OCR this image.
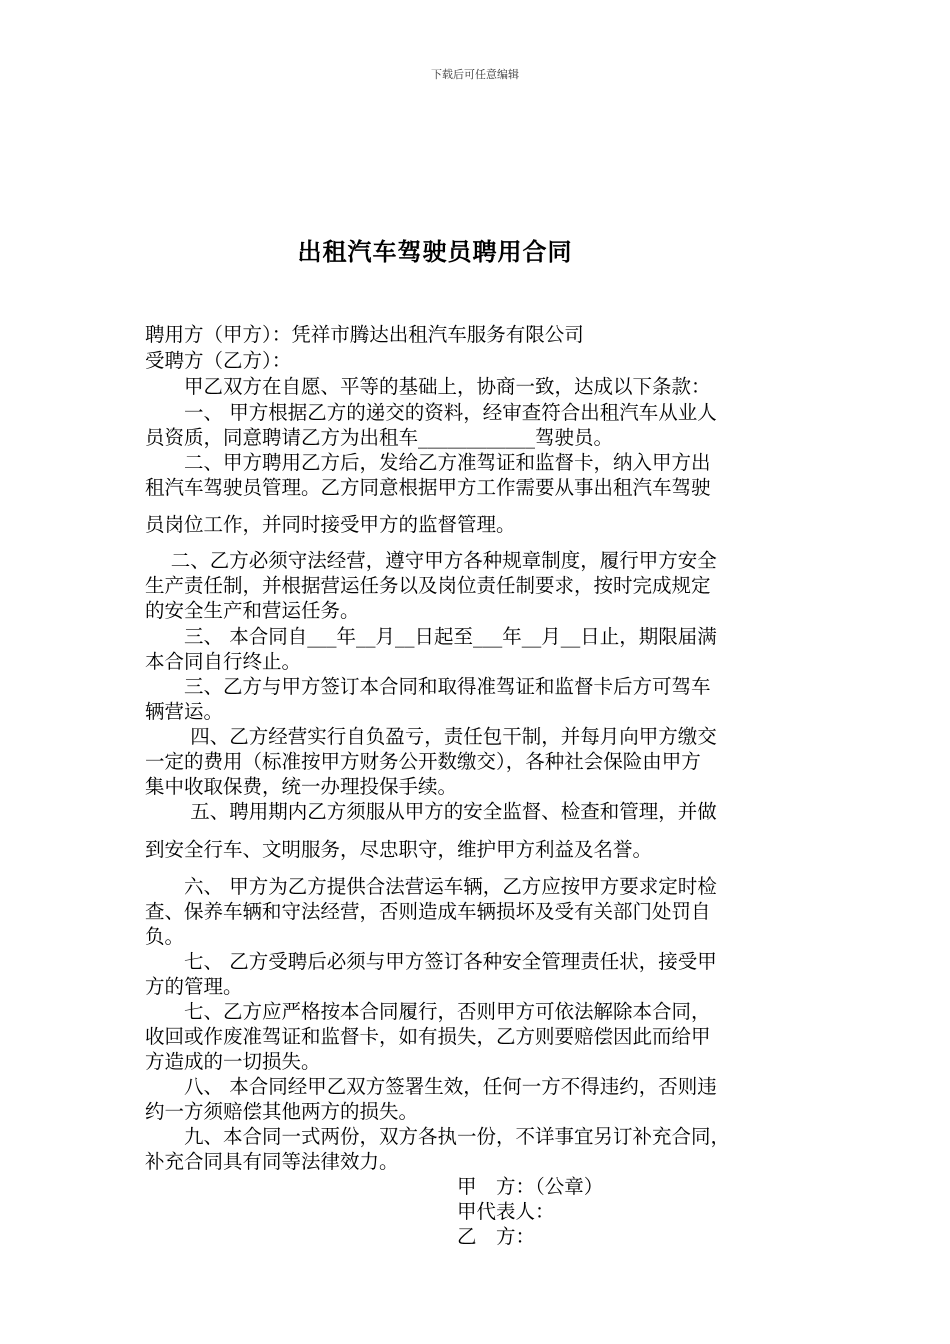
下载后可任意编辑
出租汽车驾驶员聘用合同
聘用方（甲方）：凭祥市腾达出租汽车服务有限公司
受聘方（乙方）：
　　甲乙双方在自愿、平等的基础上，协商一致，达成以下条款：
　　一、 甲方根据乙方的递交的资料，经审查符合出租汽车从业人
员资质，同意聘请乙方为出租车____________驾驶员。
　　二、甲方聘用乙方后，发给乙方准驾证和监督卡，纳入甲方出
租汽车驾驶员管理。乙方同意根据甲方工作需要从事出租汽车驾驶
员岗位工作，并同时接受甲方的监督管理。
　 二、乙方必须守法经营，遵守甲方各种规章制度，履行甲方安全
生产责任制，并根据营运任务以及岗位责任制要求，按时完成规定
的安全生产和营运任务。
　　三、 本合同自___年__月__日起至___年__月__日止，期限届满
本合同自行终止。
　　三、乙方与甲方签订本合同和取得准驾证和监督卡后方可驾车
辆营运。
　　 四、乙方经营实行自负盈亏，责任包干制，并每月向甲方缴交
一定的费用（标准按甲方财务公开数缴交），各种社会保险由甲方
集中收取保费，统一办理投保手续。
　　 五、聘用期内乙方须服从甲方的安全监督、检查和管理，并做
到安全行车、文明服务，尽忠职守，维护甲方利益及名誉。
　　六、 甲方为乙方提供合法营运车辆，乙方应按甲方要求定时检
查、保养车辆和守法经营，否则造成车辆损坏及受有关部门处罚自
负。
　　七、 乙方受聘后必须与甲方签订各种安全管理责任状，接受甲
方的管理。
　　七、乙方应严格按本合同履行，否则甲方可依法解除本合同，
收回或作废准驾证和监督卡，如有损失，乙方则要赔偿因此而给甲
方造成的一切损失。
　　八、 本合同经甲乙双方签署生效，任何一方不得违约，否则违
约一方须赔偿其他两方的损失。
　　九、本合同一式两份，双方各执一份，不详事宜另订补充合同，
补充合同具有同等法律效力。
甲　方：（公章）
甲代表人：
乙　方：
